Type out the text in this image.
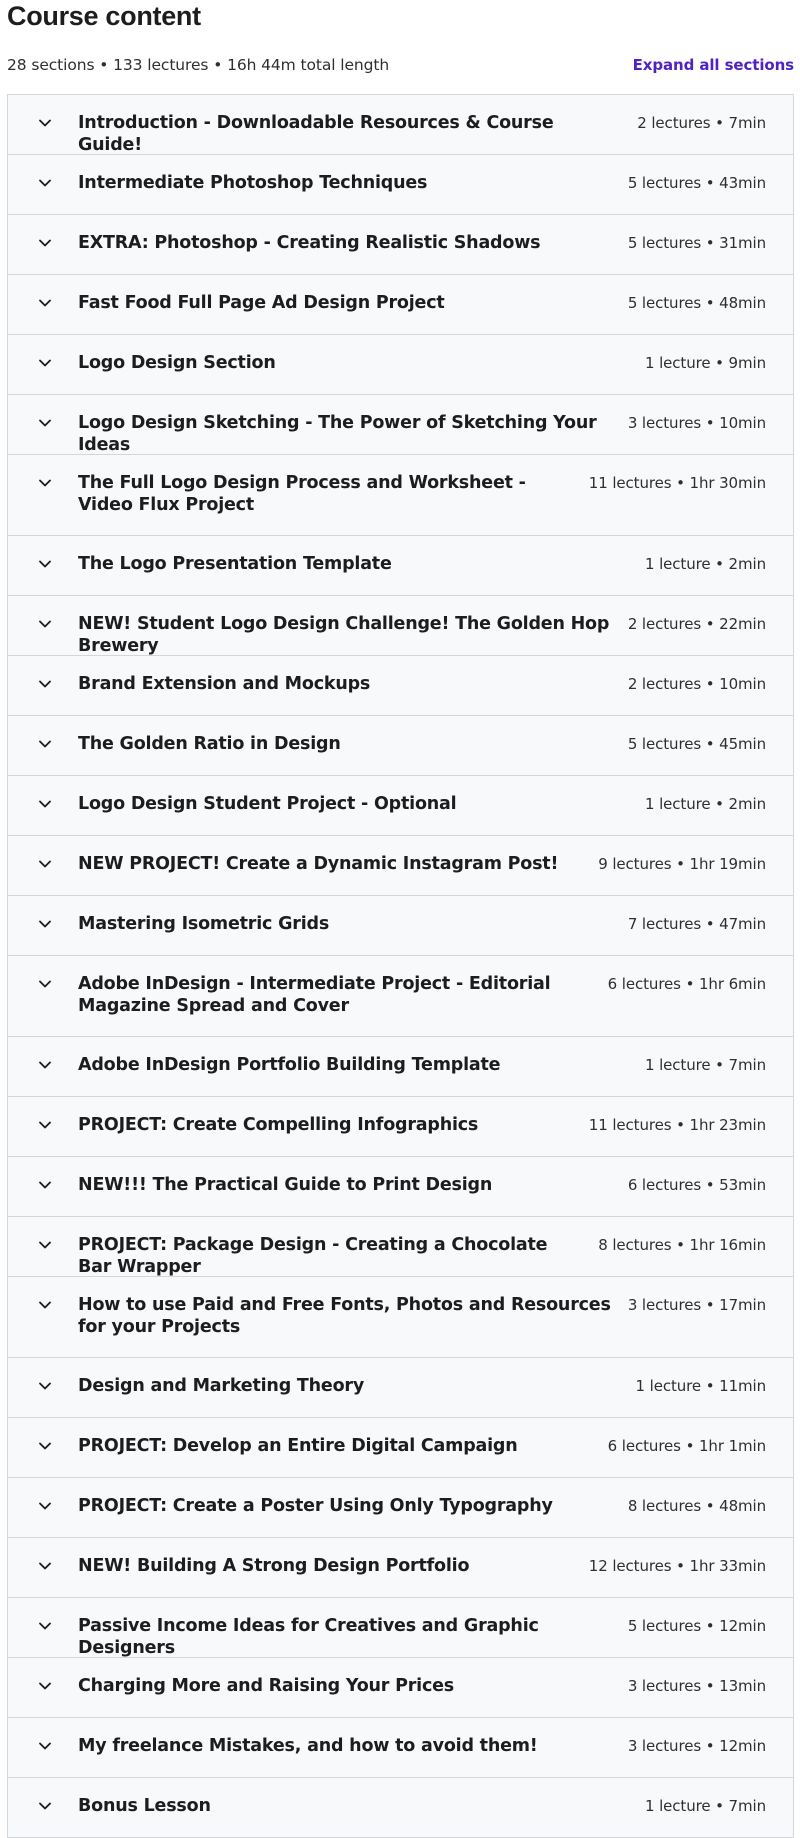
Course content
28 sections • 133 lectures • 16h 44m total length	Expand all sections
Introduction - Downloadable Resources & Course Guide!
2 lectures • 7min
Intermediate Photoshop Techniques	5 lectures • 43min
EXTRA: Photoshop - Creating Realistic Shadows	5 lectures • 31min
Fast Food Full Page Ad Design Project	5 lectures • 48min
Logo Design Section	1 lecture • 9min
Logo Design Sketching - The Power of Sketching Your Ideas
3 lectures • 10min
The Full Logo Design Process and Worksheet - Video Flux Project
11 lectures • 1hr 30min
The Logo Presentation Template	1 lecture • 2min
NEW! Student Logo Design Challenge! The Golden Hop Brewery
2 lectures • 22min
Brand Extension and Mockups	2 lectures • 10min
The Golden Ratio in Design	5 lectures • 45min
Logo Design Student Project - Optional	1 lecture • 2min
NEW PROJECT! Create a Dynamic Instagram Post!	9 lectures • 1hr 19min
Mastering Isometric Grids	7 lectures • 47min
Adobe InDesign - Intermediate Project - Editorial Magazine Spread and Cover
6 lectures • 1hr 6min
Adobe InDesign Portfolio Building Template	1 lecture • 7min
PROJECT: Create Compelling Infographics	11 lectures • 1hr 23min
NEW!!! The Practical Guide to Print Design	6 lectures • 53min
PROJECT: Package Design - Creating a Chocolate Bar Wrapper
8 lectures • 1hr 16min
How to use Paid and Free Fonts, Photos and Resources for your Projects
3 lectures • 17min
Design and Marketing Theory	1 lecture • 11min
PROJECT: Develop an Entire Digital Campaign	6 lectures • 1hr 1min
PROJECT: Create a Poster Using Only Typography	8 lectures • 48min
NEW! Building A Strong Design Portfolio	12 lectures • 1hr 33min
Passive Income Ideas for Creatives and Graphic Designers
5 lectures • 12min
Charging More and Raising Your Prices	3 lectures • 13min
My freelance Mistakes, and how to avoid them!	3 lectures • 12min
Bonus Lesson	1 lecture • 7min
